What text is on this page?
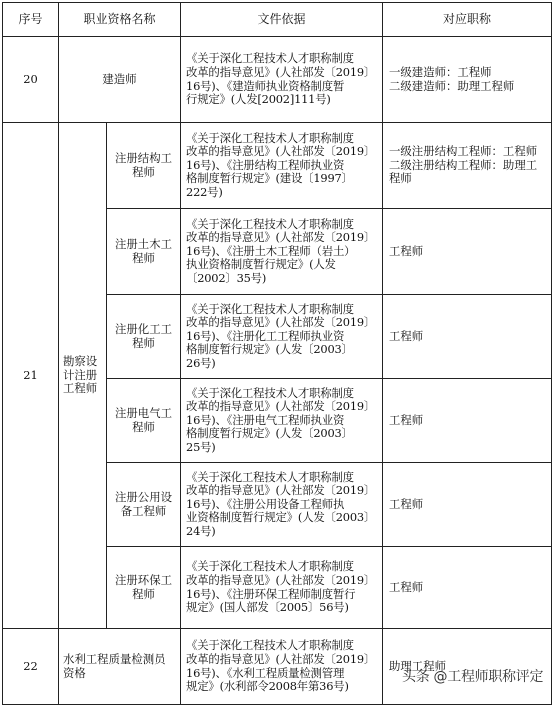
序号	职业资格名称		文件依据	对应职称
20	建造师		《关于深化工程技术人才职称制度
改革的指导意见》(人社部发〔2019〕
16号)、《建造师执业资格制度暂
行规定》(人发[2002]111号)	一级建造师：工程师
二级建造师：助理工程师

21	勘察设计注册工程师	注册结构工程师	《关于深化工程技术人才职称制度
改革的指导意见》(人社部发〔2019〕
16号)、《注册结构工程师执业资
格制度暂行规定》(建设〔1997〕
222号)	一级注册结构工程师：工程师
二级注册结构工程师：助理工程师

		注册土木工程师	《关于深化工程技术人才职称制度
改革的指导意见》(人社部发〔2019〕
16号)、《注册土木工程师（岩土）
执业资格制度暂行规定》(人发
〔2002〕35号)	工程师

		注册化工工程师	《关于深化工程技术人才职称制度
改革的指导意见》(人社部发〔2019〕
16号)、《注册化工工程师执业资
格制度暂行规定》(人发〔2003〕
26号)	工程师

		注册电气工程师	《关于深化工程技术人才职称制度
改革的指导意见》(人社部发〔2019〕
16号)、《注册电气工程师执业资
格制度暂行规定》(人发〔2003〕
25号)	工程师

		注册公用设备工程师	《关于深化工程技术人才职称制度
改革的指导意见》(人社部发〔2019〕
16号)、《注册公用设备工程师执
业资格制度暂行规定》(人发〔2003〕
24号)	工程师

		注册环保工程师	《关于深化工程技术人才职称制度
改革的指导意见》(人社部发〔2019〕
16号)、《注册环保工程师制度暂行
规定》(国人部发〔2005〕56号)	工程师

22	水利工程质量检测员资格		《关于深化工程技术人才职称制度
改革的指导意见》(人社部发〔2019〕
16号)、《水利工程质量检测管理
规定》(水利部令2008年第36号)	助理工程师
头条 @工程师职称评定
